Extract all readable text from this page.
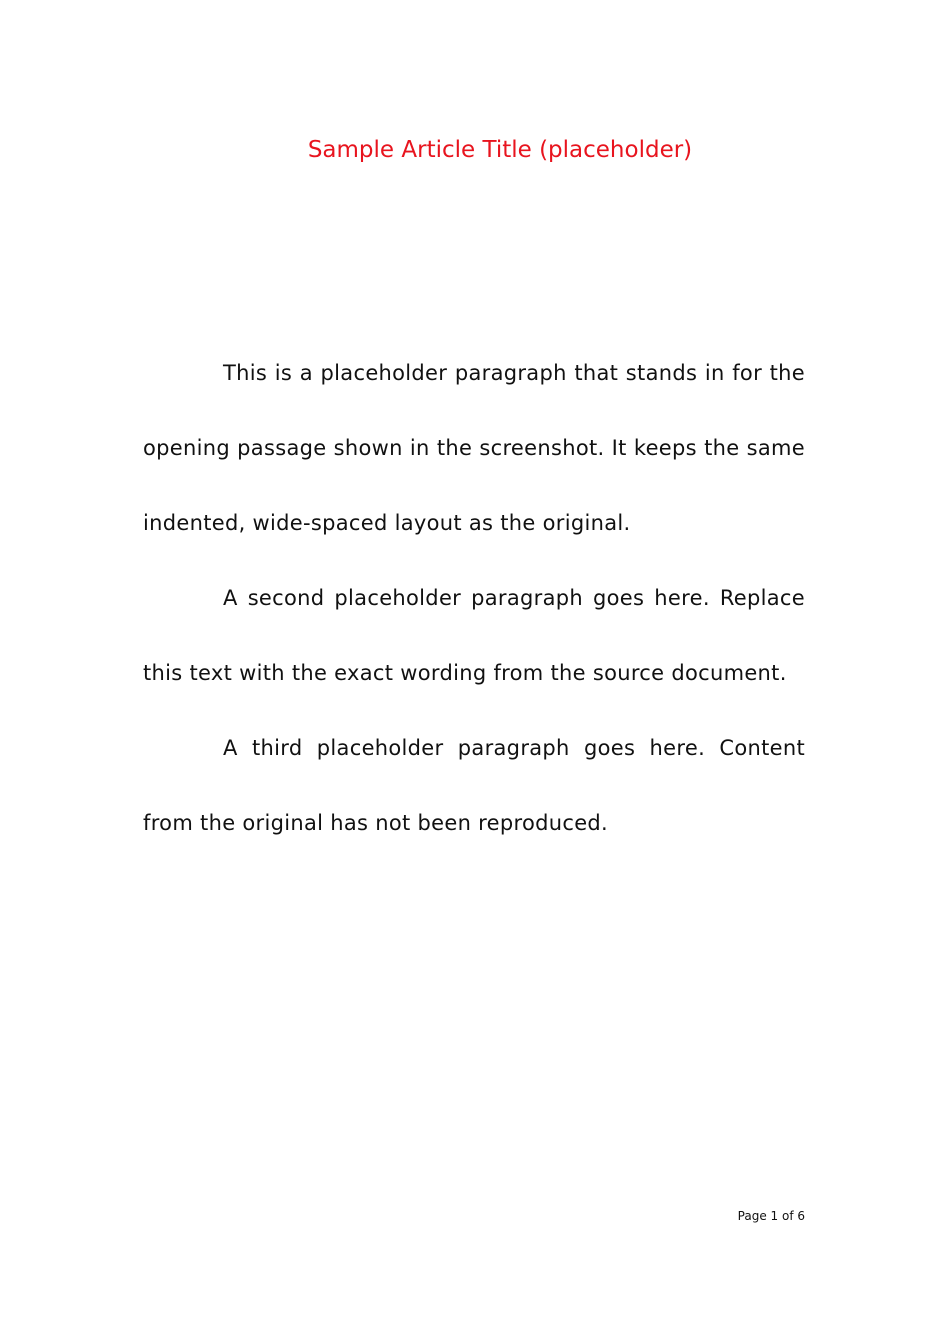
Sample Article Title (placeholder)

This is a placeholder paragraph that stands in for the opening passage shown in the screenshot. It keeps the same indented, wide-spaced layout as the original.

A second placeholder paragraph goes here. Replace this text with the exact wording from the source document.

A third placeholder paragraph goes here. Content from the original has not been reproduced.

Page 1 of 6
